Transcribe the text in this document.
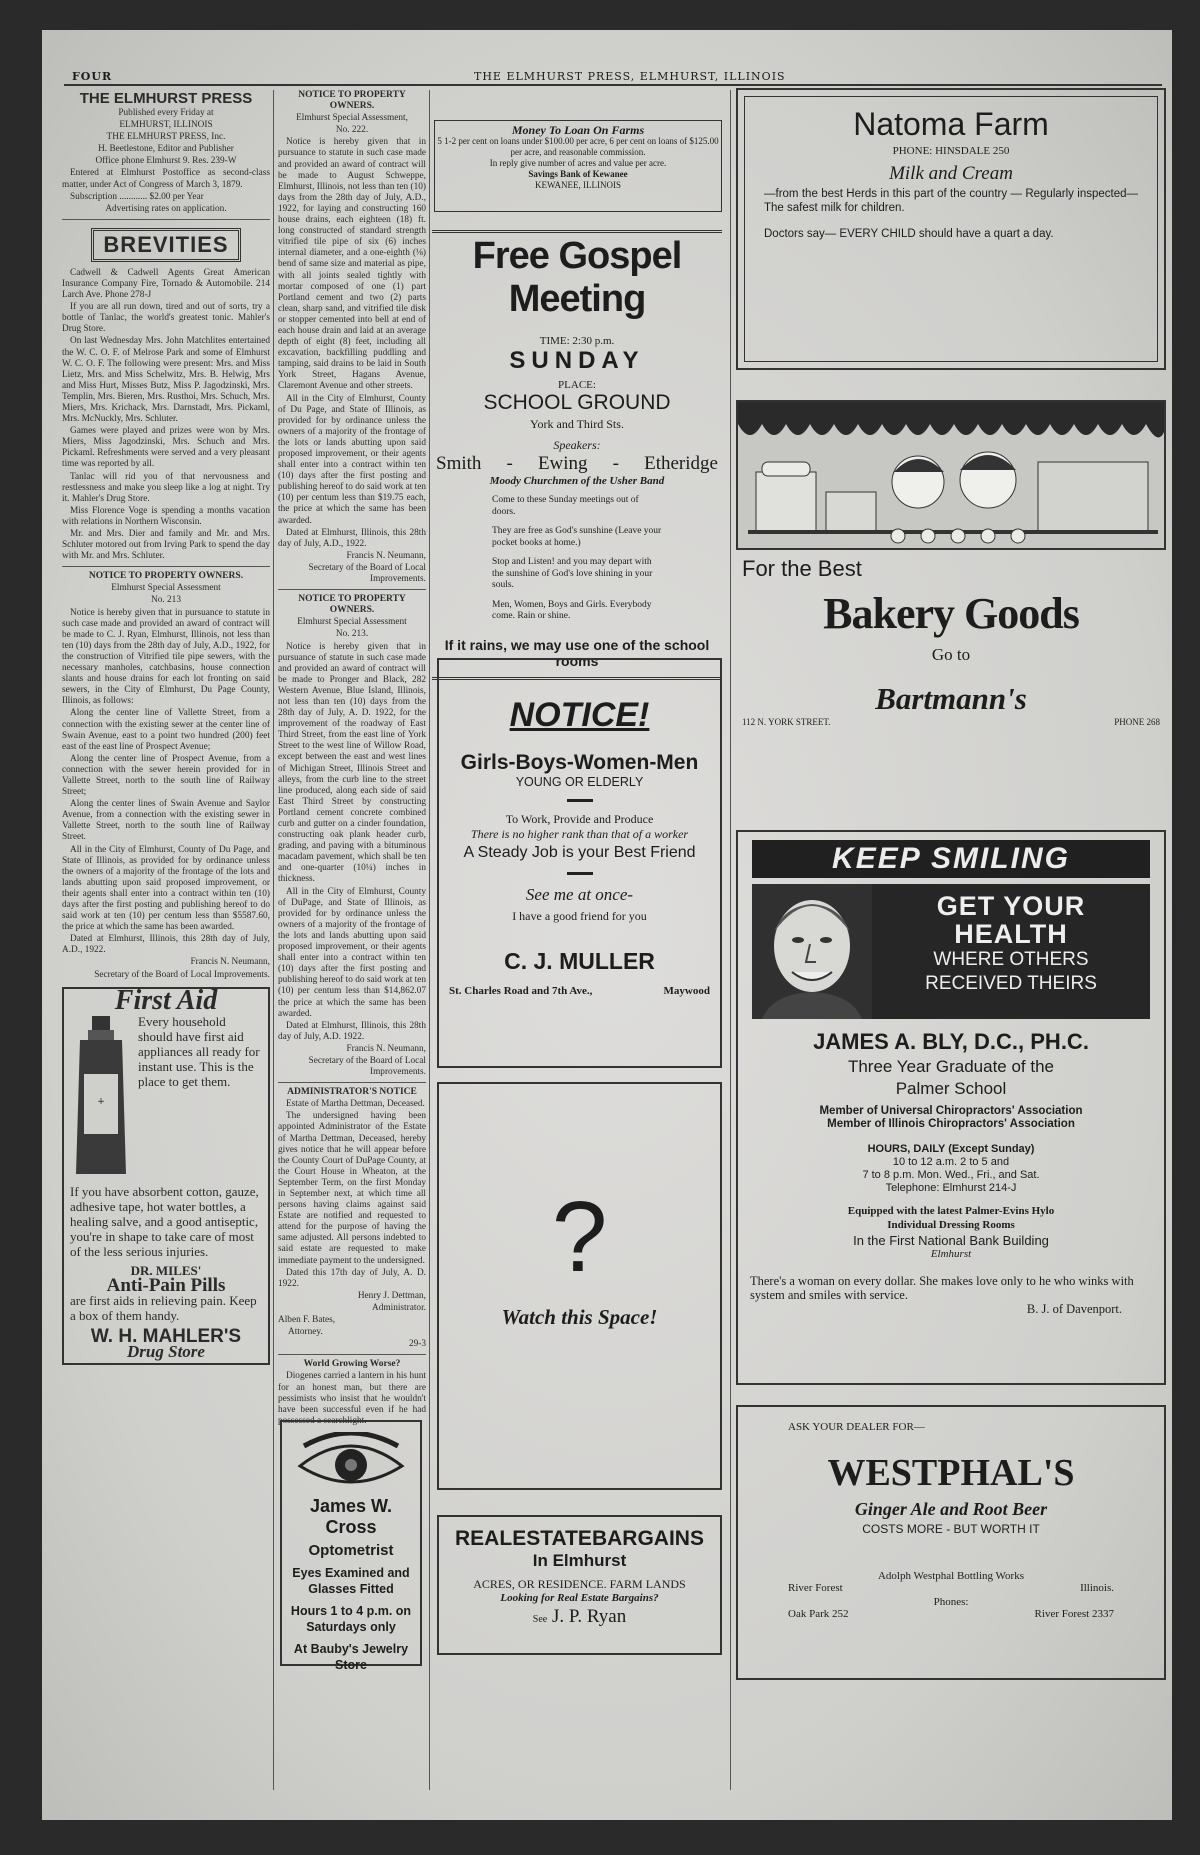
FOUR	THE ELMHURST PRESS, ELMHURST, ILLINOIS

THE ELMHURST PRESS

Published every Friday at

ELMHURST, ILLINOIS

THE ELMHURST PRESS, Inc.

H. Beetlestone, Editor and Publisher

Office phone Elmhurst 9. Res. 239-W

Entered at Elmhurst Postoffice as second-class matter, under Act of Congress of March 3, 1879.

Subscription ............ $2.00 per Year

Advertising rates on application.

BREVITIES

Cadwell & Cadwell Agents Great American Insurance Company Fire, Tornado & Automobile. 214 Larch Ave. Phone 278-J

If you are all run down, tired and out of sorts, try a bottle of Tanlac, the world's greatest tonic. Mahler's Drug Store.

On last Wednesday Mrs. John Matchlites entertained the W. C. O. F. of Melrose Park and some of Elmhurst W. C. O. F. The following were present: Mrs. and Miss Lietz, Mrs. and Miss Schelwitz, Mrs. B. Helwig, Mrs and Miss Hurt, Misses Butz, Miss P. Jagodzinski, Mrs. Templin, Mrs. Bieren, Mrs. Rusthoi, Mrs. Schuch, Mrs. Miers, Mrs. Krichack, Mrs. Darnstadt, Mrs. Pickaml, Mrs. McNuckly, Mrs. Schluter.

Games were played and prizes were won by Mrs. Miers, Miss Jagodzinski, Mrs. Schuch and Mrs. Pickaml. Refreshments were served and a very pleasant time was reported by all.

Tanlac will rid you of that nervousness and restlessness and make you sleep like a log at night. Try it. Mahler's Drug Store.

Miss Florence Voge is spending a months vacation with relations in Northern Wisconsin.

Mr. and Mrs. Dier and family and Mr. and Mrs. Schluter motored out from Irving Park to spend the day with Mr. and Mrs. Schluter.

NOTICE TO PROPERTY OWNERS.

Elmhurst Special Assessment

No. 213

Notice is hereby given that in pursuance to statute in such case made and provided an award of contract will be made to C. J. Ryan, Elmhurst, Illinois, not less than ten (10) days from the 28th day of July, A.D., 1922, for the construction of Vitrified tile pipe sewers, with the necessary manholes, catchbasins, house connection slants and house drains for each lot fronting on said sewers, in the City of Elmhurst, Du Page County, Illinois, as follows:

Along the center line of Vallette Street, from a connection with the existing sewer at the center line of Swain Avenue, east to a point two hundred (200) feet east of the east line of Prospect Avenue;

Along the center line of Prospect Avenue, from a connection with the sewer herein provided for in Vallette Street, north to the south line of Railway Street;

Along the center lines of Swain Avenue and Saylor Avenue, from a connection with the existing sewer in Vallette Street, north to the south line of Railway Street.

All in the City of Elmhurst, County of Du Page, and State of Illinois, as provided for by ordinance unless the owners of a majority of the frontage of the lots and lands abutting upon said proposed improvement, or their agents shall enter into a contract within ten (10) days after the first posting and publishing hereof to do said work at ten (10) per centum less than $5587.60, the price at which the same has been awarded.

Dated at Elmhurst, Illinois, this 28th day of July, A.D., 1922.

Francis N. Neumann,

Secretary of the Board of Local Improvements.

First Aid
+
Every household should have first aid appliances all ready for instant use. This is the place to get them.
If you have absorbent cotton, gauze, adhesive tape, hot water bottles, a healing salve, and a good antiseptic, you're in shape to take care of most of the less serious injuries.
DR. MILES'
Anti-Pain Pills
are first aids in relieving pain. Keep a box of them handy.
W. H. MAHLER'S
Drug Store

NOTICE TO PROPERTY OWNERS.

Elmhurst Special Assessment,

No. 222.

Notice is hereby given that in pursuance to statute in such case made and provided an award of contract will be made to August Schweppe, Elmhurst, Illinois, not less than ten (10) days from the 28th day of July, A.D., 1922, for laying and constructing 160 house drains, each eighteen (18) ft. long constructed of standard strength vitrified tile pipe of six (6) inches internal diameter, and a one-eighth (⅛) bend of same size and material as pipe, with all joints sealed tightly with mortar composed of one (1) part Portland cement and two (2) parts clean, sharp sand, and vitrified tile disk or stopper cemented into bell at end of each house drain and laid at an average depth of eight (8) feet, including all excavation, backfilling puddling and tamping, said drains to be laid in South York Street, Hagans Avenue, Claremont Avenue and other streets.

All in the City of Elmhurst, County of Du Page, and State of Illinois, as provided for by ordinance unless the owners of a majority of the frontage of the lots or lands abutting upon said proposed improvement, or their agents shall enter into a contract within ten (10) days after the first posting and publishing hereof to do said work at ten (10) per centum less than $19.75 each, the price at which the same has been awarded.

Dated at Elmhurst, Illinois, this 28th day of July, A.D., 1922.

Francis N. Neumann,

Secretary of the Board of Local Improvements.

NOTICE TO PROPERTY OWNERS.

Elmhurst Special Assessment

No. 213.

Notice is hereby given that in pursuance of statute in such case made and provided an award of contract will be made to Pronger and Black, 282 Western Avenue, Blue Island, Illinois, not less than ten (10) days from the 28th day of July, A. D. 1922, for the improvement of the roadway of East Third Street, from the east line of York Street to the west line of Willow Road, except between the east and west lines of Michigan Street, Illinois Street and alleys, from the curb line to the street line produced, along each side of said East Third Street by constructing Portland cement concrete combined curb and gutter on a cinder foundation, constructing oak plank header curb, grading, and paving with a bituminous macadam pavement, which shall be ten and one-quarter (10¼) inches in thickness.

All in the City of Elmhurst, County of DuPage, and State of Illinois, as provided for by ordinance unless the owners of a majority of the frontage of the lots and lands abutting upon said proposed improvement, or their agents shall enter into a contract within ten (10) days after the first posting and publishing hereof to do said work at ten (10) per centum less than $14,862.07 the price at which the same has been awarded.

Dated at Elmhurst, Illinois, this 28th day of July, A.D. 1922.

Francis N. Neumann,

Secretary of the Board of Local Improvements.

ADMINISTRATOR'S NOTICE

Estate of Martha Dettman, Deceased.

The undersigned having been appointed Administrator of the Estate of Martha Dettman, Deceased, hereby gives notice that he will appear before the County Court of DuPage County, at the Court House in Wheaton, at the September Term, on the first Monday in September next, at which time all persons having claims against said Estate are notified and requested to attend for the purpose of having the same adjusted. All persons indebted to said estate are requested to make immediate payment to the undersigned.

Dated this 17th day of July, A. D. 1922.

Henry J. Dettman,

Administrator.

Alben F. Bates,

Attorney.

29-3

World Growing Worse?

Diogenes carried a lantern in his hunt for an honest man, but there are pessimists who insist that he wouldn't have been successful even if he had possessed a searchlight.

James W. Cross
Optometrist
Eyes Examined and Glasses Fitted
Hours 1 to 4 p.m. on Saturdays only
At Bauby's Jewelry Store
Money To Loan On Farms
5 1-2 per cent on loans under $100.00 per acre, 6 per cent on loans of $125.00 per acre, and reasonable commission.
In reply give number of acres and value per acre.
Savings Bank of Kewanee
KEWANEE, ILLINOIS
Free Gospel Meeting
TIME: 2:30 p.m.
SUNDAY
PLACE:
SCHOOL GROUND
York and Third Sts.
Speakers:
Smith - Ewing - Etheridge
Moody Churchmen of the Usher Band
Come to these Sunday meetings out of doors.
They are free as God's sunshine (Leave your pocket books at home.)
Stop and Listen! and you may depart with the sunshine of God's love shining in your souls.
Men, Women, Boys and Girls. Everybody come. Rain or shine.
If it rains, we may use one of the school rooms
NOTICE!
Girls-Boys-Women-Men
YOUNG OR ELDERLY
To Work, Provide and Produce
There is no higher rank than that of a worker
A Steady Job is your Best Friend
See me at once-
I have a good friend for you
C. J. MULLER
St. Charles Road and 7th Ave.,	Maywood
?
Watch this Space!
REAL ESTATE BARGAINS
In Elmhurst
ACRES, OR RESIDENCE. FARM LANDS
Looking for Real Estate Bargains?
See J. P. Ryan
Natoma Farm
PHONE: HINSDALE 250
Milk and Cream
—from the best Herds in this part of the country — Regularly inspected— The safest milk for children.
Doctors say— EVERY CHILD should have a quart a day.
For the Best
Bakery Goods
Go to
Bartmann's
112 N. YORK STREET.	PHONE 268
KEEP SMILING
GET YOUR
HEALTH
WHERE OTHERS
RECEIVED THEIRS
JAMES A. BLY, D.C., PH.C.
Three Year Graduate of the
Palmer School
Member of Universal Chiropractors' Association
Member of Illinois Chiropractors' Association
HOURS, DAILY (Except Sunday)
10 to 12 a.m. 2 to 5 and
7 to 8 p.m. Mon. Wed., Fri., and Sat.
Telephone: Elmhurst 214-J
Equipped with the latest Palmer-Evins Hylo
Individual Dressing Rooms
In the First National Bank Building
Elmhurst
There's a woman on every dollar. She makes love only to he who winks with system and smiles with service.
B. J. of Davenport.
ASK YOUR DEALER FOR—
WESTPHAL'S
Ginger Ale and Root Beer
COSTS MORE - BUT WORTH IT
Adolph Westphal Bottling Works
River Forest	Illinois.
Phones:
Oak Park 252	River Forest 2337
